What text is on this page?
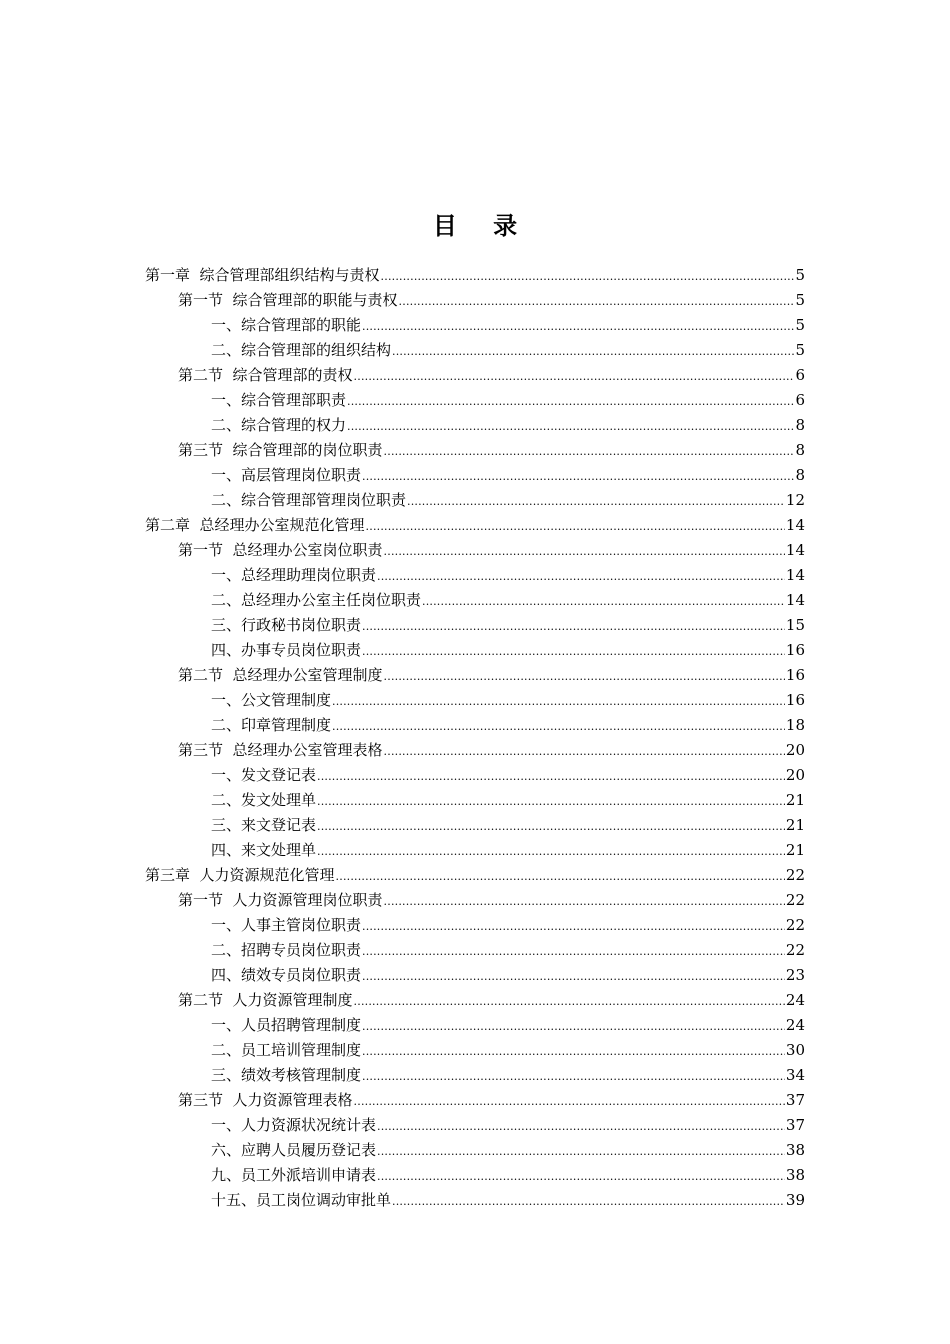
目 录
第一章  综合管理部组织结构与责权 .....	5
第一节  综合管理部的职能与责权 .....	5
一、综合管理部的职能 .....	5
二、综合管理部的组织结构 .....	5
第二节  综合管理部的责权 .....	6
一、综合管理部职责 .....	6
二、综合管理的权力 .....	8
第三节  综合管理部的岗位职责 .....	8
一、高层管理岗位职责 .....	8
二、综合管理部管理岗位职责 .....	12
第二章  总经理办公室规范化管理 .....	14
第一节  总经理办公室岗位职责 .....	14
一、总经理助理岗位职责 .....	14
二、总经理办公室主任岗位职责 .....	14
三、行政秘书岗位职责 .....	15
四、办事专员岗位职责 .....	16
第二节  总经理办公室管理制度 .....	16
一、公文管理制度 .....	16
二、印章管理制度 .....	18
第三节  总经理办公室管理表格 .....	20
一、发文登记表 .....	20
二、发文处理单 .....	21
三、来文登记表 .....	21
四、来文处理单 .....	21
第三章  人力资源规范化管理 .....	22
第一节  人力资源管理岗位职责 .....	22
一、人事主管岗位职责 .....	22
二、招聘专员岗位职责 .....	22
四、绩效专员岗位职责 .....	23
第二节  人力资源管理制度 .....	24
一、人员招聘管理制度 .....	24
二、员工培训管理制度 .....	30
三、绩效考核管理制度 .....	34
第三节  人力资源管理表格 .....	37
一、人力资源状况统计表 .....	37
六、应聘人员履历登记表 .....	38
九、员工外派培训申请表 .....	38
十五、员工岗位调动审批单 .....	39
